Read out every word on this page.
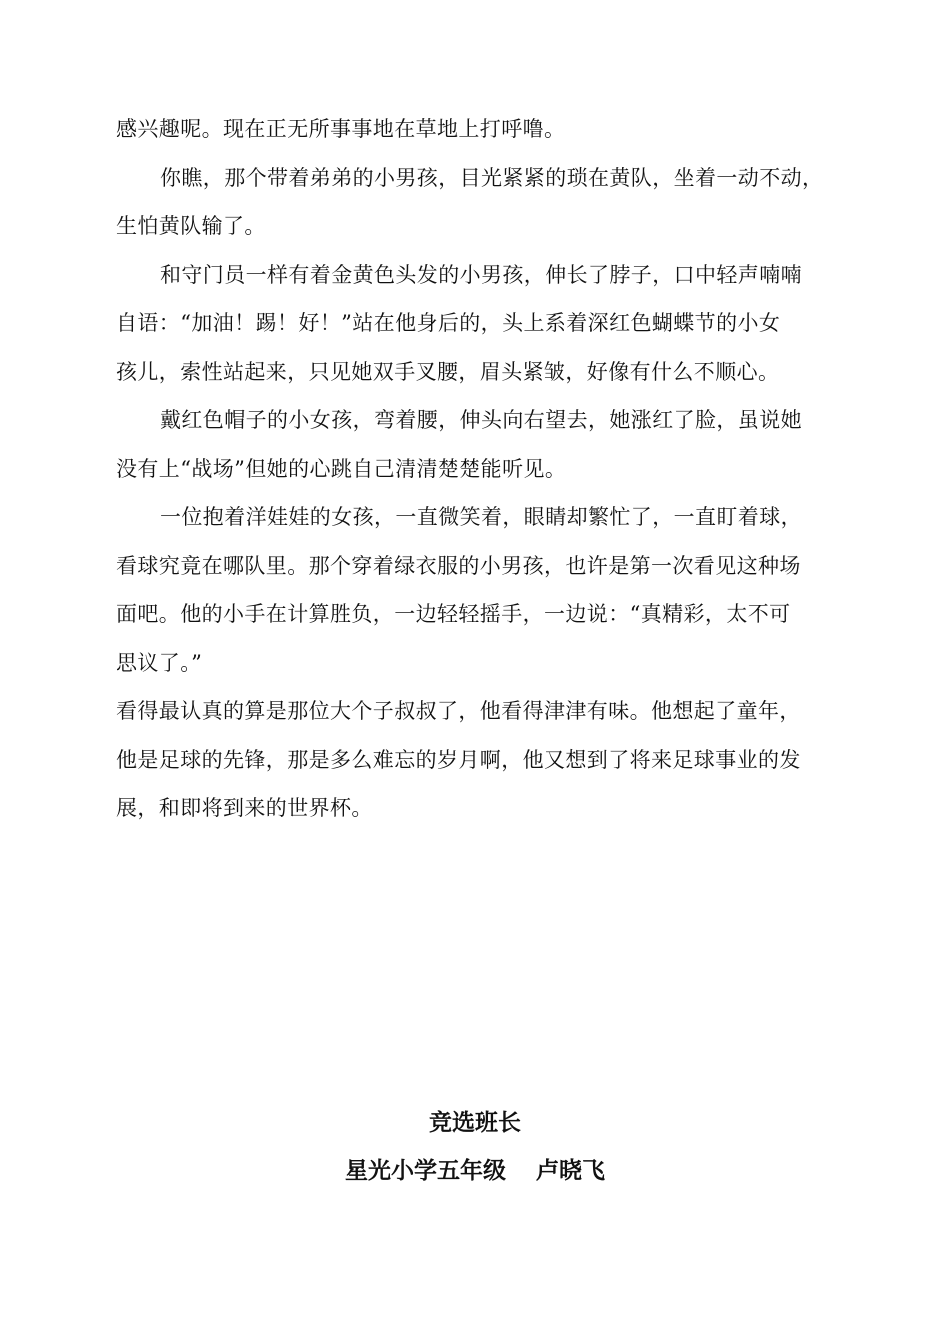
感兴趣呢。现在正无所事事地在草地上打呼噜。
你瞧，那个带着弟弟的小男孩，目光紧紧的琐在黄队，坐着一动不动，
生怕黄队输了。
和守门员一样有着金黄色头发的小男孩，伸长了脖子，口中轻声喃喃
自语：“加油！踢！好！”站在他身后的，头上系着深红色蝴蝶节的小女
孩儿，索性站起来，只见她双手叉腰，眉头紧皱，好像有什么不顺心。
戴红色帽子的小女孩，弯着腰，伸头向右望去，她涨红了脸，虽说她
没有上“战场”但她的心跳自己清清楚楚能听见。
一位抱着洋娃娃的女孩，一直微笑着，眼睛却繁忙了，一直盯着球，
看球究竟在哪队里。那个穿着绿衣服的小男孩，也许是第一次看见这种场
面吧。他的小手在计算胜负，一边轻轻摇手，一边说：“真精彩，太不可
思议了。”
看得最认真的算是那位大个子叔叔了，他看得津津有味。他想起了童年，
他是足球的先锋，那是多么难忘的岁月啊，他又想到了将来足球事业的发
展，和即将到来的世界杯。
竞选班长
星光小学五年级 卢晓飞
